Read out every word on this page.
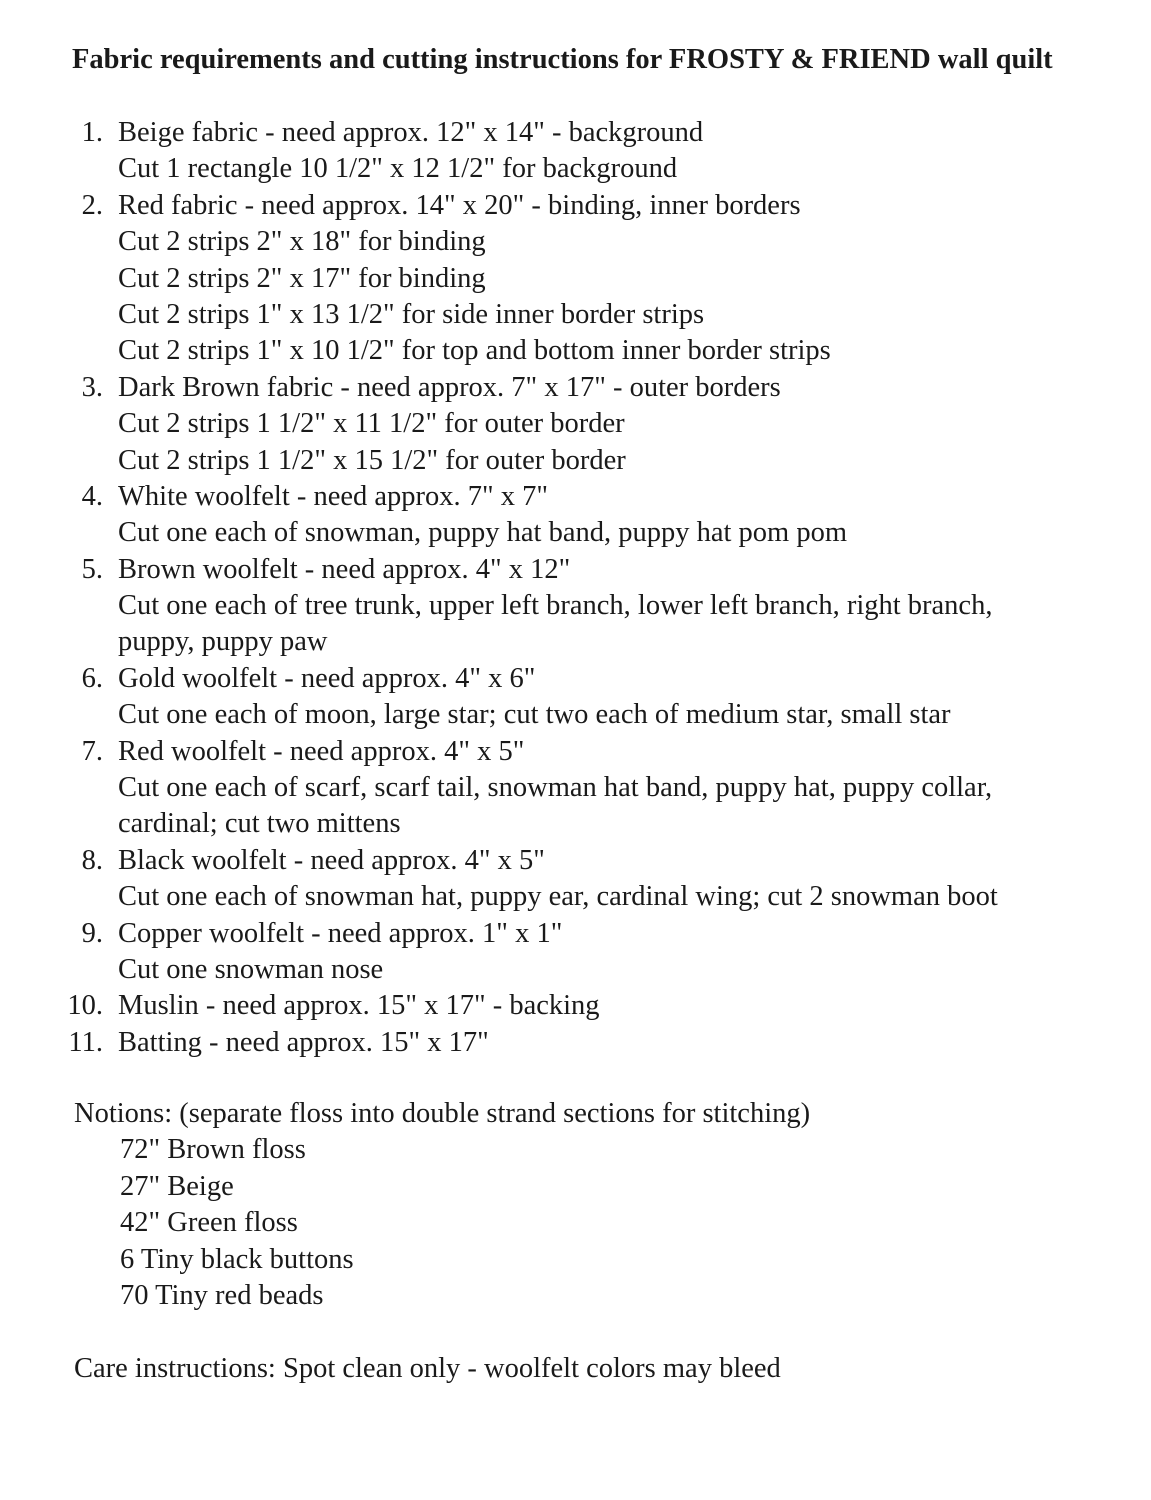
Fabric requirements and cutting instructions for FROSTY & FRIEND wall quilt
1. Beige fabric - need approx. 12" x 14" - background
Cut 1 rectangle 10 1/2" x 12 1/2" for background
2. Red fabric - need approx. 14" x 20" - binding, inner borders
Cut 2 strips 2" x 18" for binding
Cut 2 strips 2" x 17" for binding
Cut 2 strips 1" x 13 1/2" for side inner border strips
Cut 2 strips 1" x 10 1/2" for top and bottom inner border strips
3. Dark Brown fabric - need approx. 7" x 17" - outer borders
Cut 2 strips 1 1/2" x 11 1/2" for outer border
Cut 2 strips 1 1/2" x 15 1/2" for outer border
4. White woolfelt - need approx. 7" x 7"
Cut one each of snowman, puppy hat band, puppy hat pom pom
5. Brown woolfelt - need approx. 4" x 12"
Cut one each of tree trunk, upper left branch, lower left branch, right branch,
puppy, puppy paw
6. Gold woolfelt - need approx. 4" x 6"
Cut one each of moon, large star; cut two each of medium star, small star
7. Red woolfelt - need approx. 4" x 5"
Cut one each of scarf, scarf tail, snowman hat band, puppy hat, puppy collar,
cardinal; cut two mittens
8. Black woolfelt - need approx. 4" x 5"
Cut one each of snowman hat, puppy ear, cardinal wing; cut 2 snowman boot
9. Copper woolfelt - need approx. 1" x 1"
Cut one snowman nose
10. Muslin - need approx. 15" x 17" - backing
11. Batting - need approx. 15" x 17"
Notions: (separate floss into double strand sections for stitching)
72" Brown floss
27" Beige
42" Green floss
6 Tiny black buttons
70 Tiny red beads
Care instructions: Spot clean only - woolfelt colors may bleed
